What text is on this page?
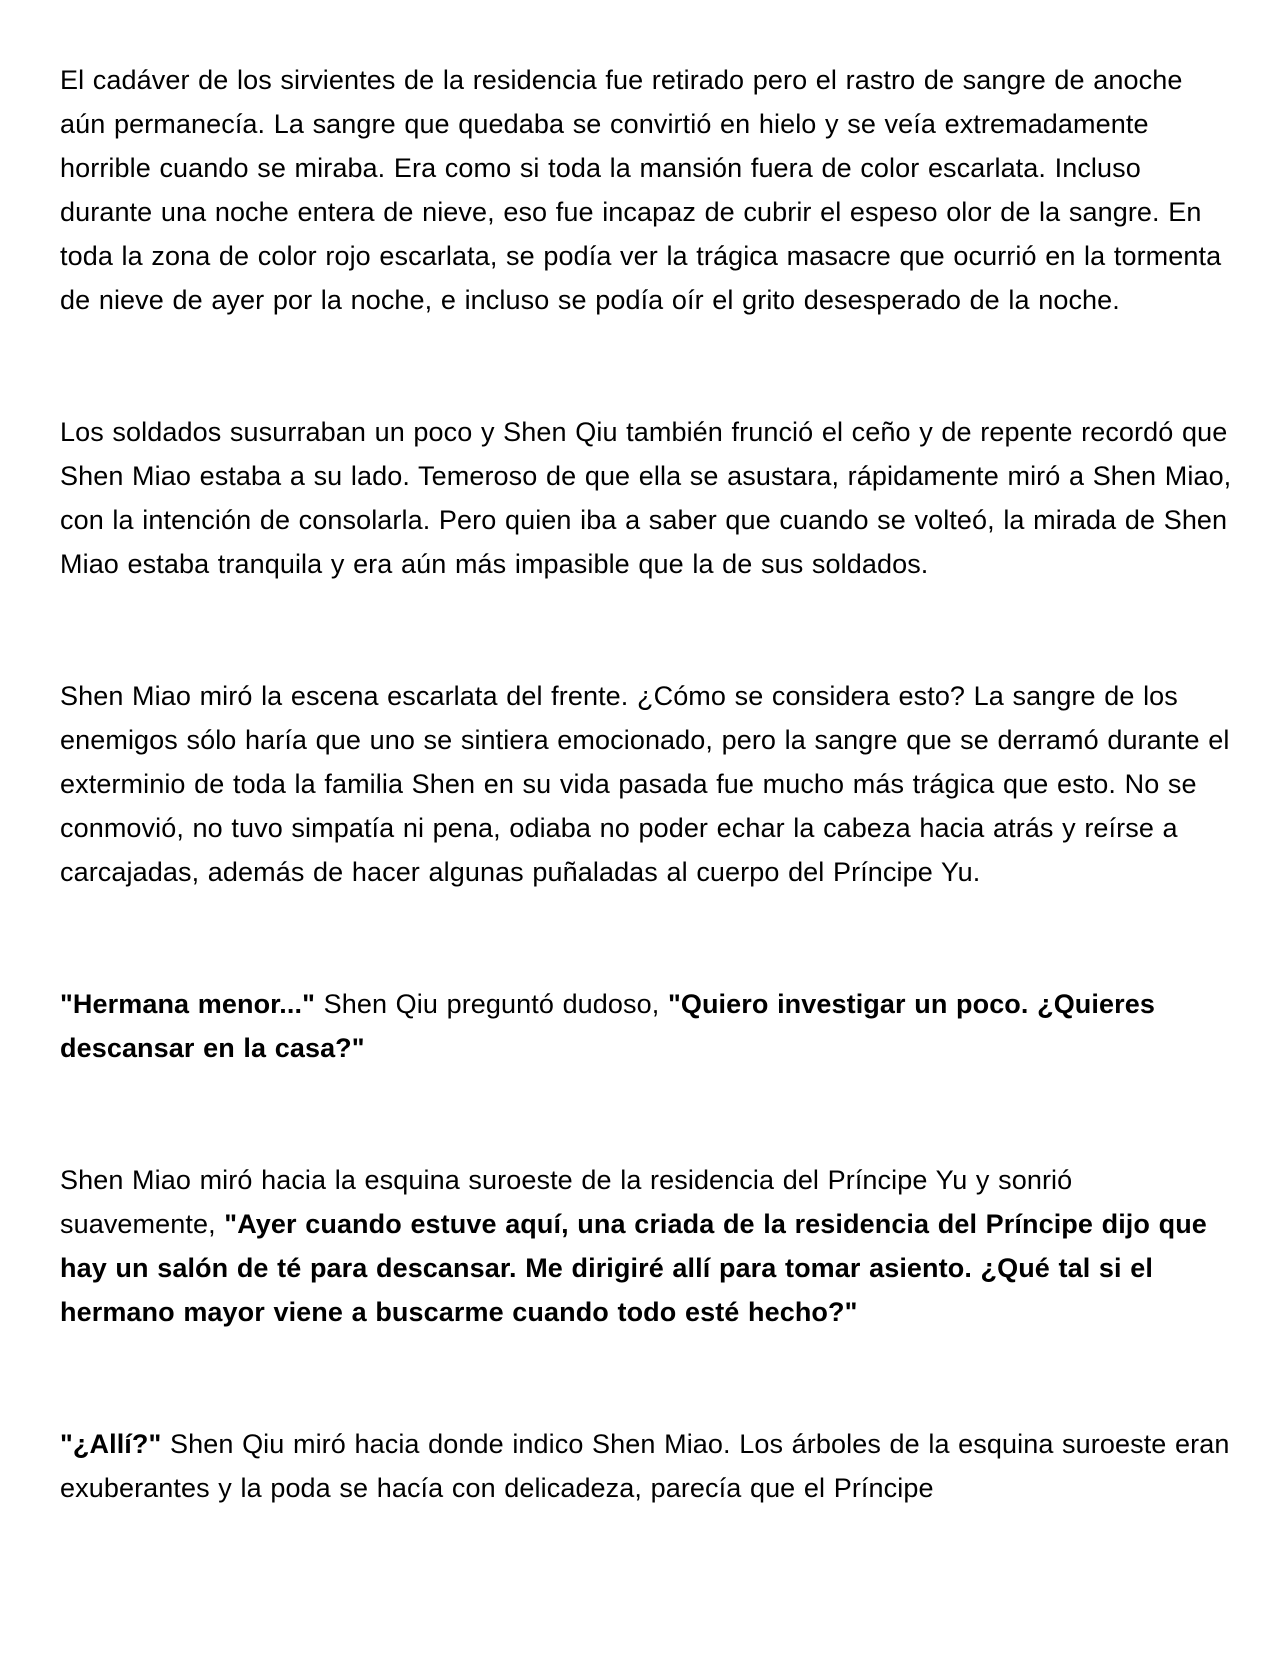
El cadáver de los sirvientes de la residencia fue retirado pero el rastro de sangre de anoche aún permanecía. La sangre que quedaba se convirtió en hielo y se veía extremadamente horrible cuando se miraba. Era como si toda la mansión fuera de color escarlata. Incluso durante una noche entera de nieve, eso fue incapaz de cubrir el espeso olor de la sangre. En toda la zona de color rojo escarlata, se podía ver la trágica masacre que ocurrió en la tormenta de nieve de ayer por la noche, e incluso se podía oír el grito desesperado de la noche.

Los soldados susurraban un poco y Shen Qiu también frunció el ceño y de repente recordó que Shen Miao estaba a su lado. Temeroso de que ella se asustara, rápidamente miró a Shen Miao, con la intención de consolarla. Pero quien iba a saber que cuando se volteó, la mirada de Shen Miao estaba tranquila y era aún más impasible que la de sus soldados.

Shen Miao miró la escena escarlata del frente. ¿Cómo se considera esto? La sangre de los enemigos sólo haría que uno se sintiera emocionado, pero la sangre que se derramó durante el exterminio de toda la familia Shen en su vida pasada fue mucho más trágica que esto. No se conmovió, no tuvo simpatía ni pena, odiaba no poder echar la cabeza hacia atrás y reírse a carcajadas, además de hacer algunas puñaladas al cuerpo del Príncipe Yu.

"Hermana menor..." Shen Qiu preguntó dudoso, "Quiero investigar un poco. ¿Quieres descansar en la casa?"

Shen Miao miró hacia la esquina suroeste de la residencia del Príncipe Yu y sonrió suavemente, "Ayer cuando estuve aquí, una criada de la residencia del Príncipe dijo que hay un salón de té para descansar. Me dirigiré allí para tomar asiento. ¿Qué tal si el hermano mayor viene a buscarme cuando todo esté hecho?"

"¿Allí?" Shen Qiu miró hacia donde indico Shen Miao. Los árboles de la esquina suroeste eran exuberantes y la poda se hacía con delicadeza, parecía que el Príncipe
